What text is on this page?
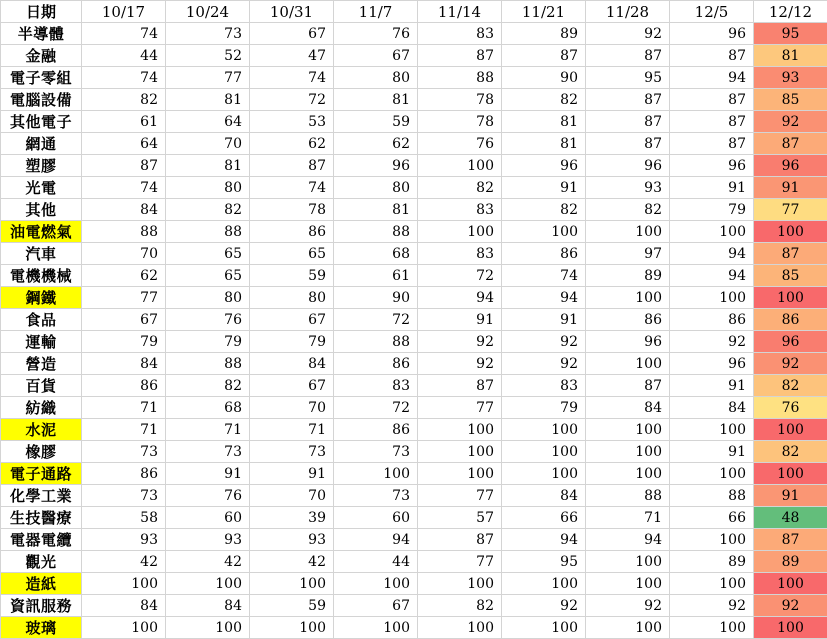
日期	10/17	10/24	10/31	11/7	11/14	11/21	11/28	12/5	12/12
半導體	74	73	67	76	83	89	92	96	95
金融	44	52	47	67	87	87	87	87	81
電子零組	74	77	74	80	88	90	95	94	93
電腦設備	82	81	72	81	78	82	87	87	85
其他電子	61	64	53	59	78	81	87	87	92
網通	64	70	62	62	76	81	87	87	87
塑膠	87	81	87	96	100	96	96	96	96
光電	74	80	74	80	82	91	93	91	91
其他	84	82	78	81	83	82	82	79	77
油電燃氣	88	88	86	88	100	100	100	100	100
汽車	70	65	65	68	83	86	97	94	87
電機機械	62	65	59	61	72	74	89	94	85
鋼鐵	77	80	80	90	94	94	100	100	100
食品	67	76	67	72	91	91	86	86	86
運輸	79	79	79	88	92	92	96	92	96
營造	84	88	84	86	92	92	100	96	92
百貨	86	82	67	83	87	83	87	91	82
紡織	71	68	70	72	77	79	84	84	76
水泥	71	71	71	86	100	100	100	100	100
橡膠	73	73	73	73	100	100	100	91	82
電子通路	86	91	91	100	100	100	100	100	100
化學工業	73	76	70	73	77	84	88	88	91
生技醫療	58	60	39	60	57	66	71	66	48
電器電纜	93	93	93	94	87	94	94	100	87
觀光	42	42	42	44	77	95	100	89	89
造紙	100	100	100	100	100	100	100	100	100
資訊服務	84	84	59	67	82	92	92	92	92
玻璃	100	100	100	100	100	100	100	100	100
